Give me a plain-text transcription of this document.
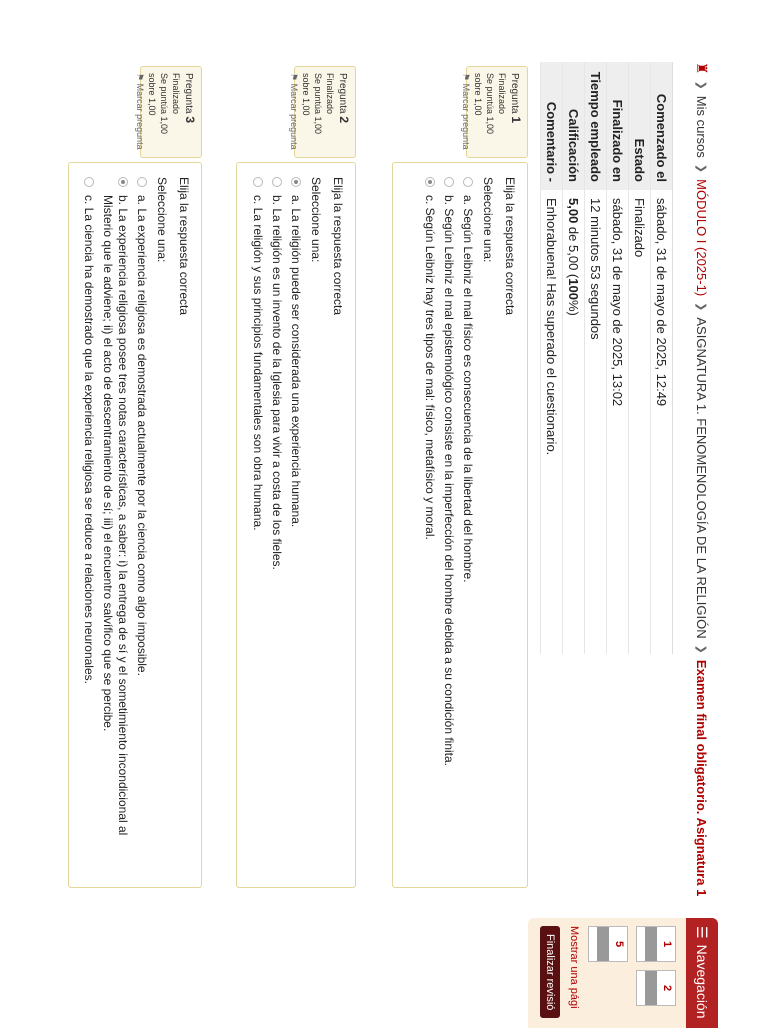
♜
❯
Mis cursos
❯
MÓDULO I (2025-1)
❯
ASIGNATURA 1. FENOMENOLOGÍA DE LA RELIGIÓN
❯
Examen final obligatorio. Asignatura 1
Comenzado el
sábado, 31 de mayo de 2025, 12:49
Estado
Finalizado
Finalizado en
sábado, 31 de mayo de 2025, 13:02
Tiempo empleado
12 minutos 53 segundos
Calificación
5,00 de 5,00 (100%)
Comentario -
Enhorabuena! Has superado el cuestionario.
Pregunta 1
Finalizado
Se puntúa 1,00 sobre 1,00
⚑ Marcar pregunta
Elija la respuesta correcta
Seleccione una:
a. Según Leibniz el mal físico es consecuencia de la libertad del hombre.
b. Según Leibniz el mal epistemológico consiste en la imperfección del hombre debida a su condición finita.
c. Según Leibniz hay tres tipos de mal: físico, metafísico y moral.
Pregunta 2
Finalizado
Se puntúa 1,00 sobre 1,00
⚑ Marcar pregunta
Elija la respuesta correcta
Seleccione una:
a. La religión puede ser considerada una experiencia humana.
b. La religión es un invento de la Iglesia para vivir a costa de los fieles.
c. La religión y sus principios fundamentales son obra humana.
Pregunta 3
Finalizado
Se puntúa 1,00 sobre 1,00
⚑ Marcar pregunta
Elija la respuesta correcta
Seleccione una:
a. La experiencia religiosa es demostrada actualmente por la ciencia como algo imposible.
b. La experiencia religiosa posee tres notas características, a saber: i) la entrega de sí y el sometimiento incondicional al Misterio que le adviene; ii) el acto de descentramiento de sí; iii) el encuentro salvífico que se percibe.
c. La ciencia ha demostrado que la experiencia religiosa se reduce a relaciones neuronales.
☰
Navegación
1
2
5
Mostrar una pági
Finalizar revisió
